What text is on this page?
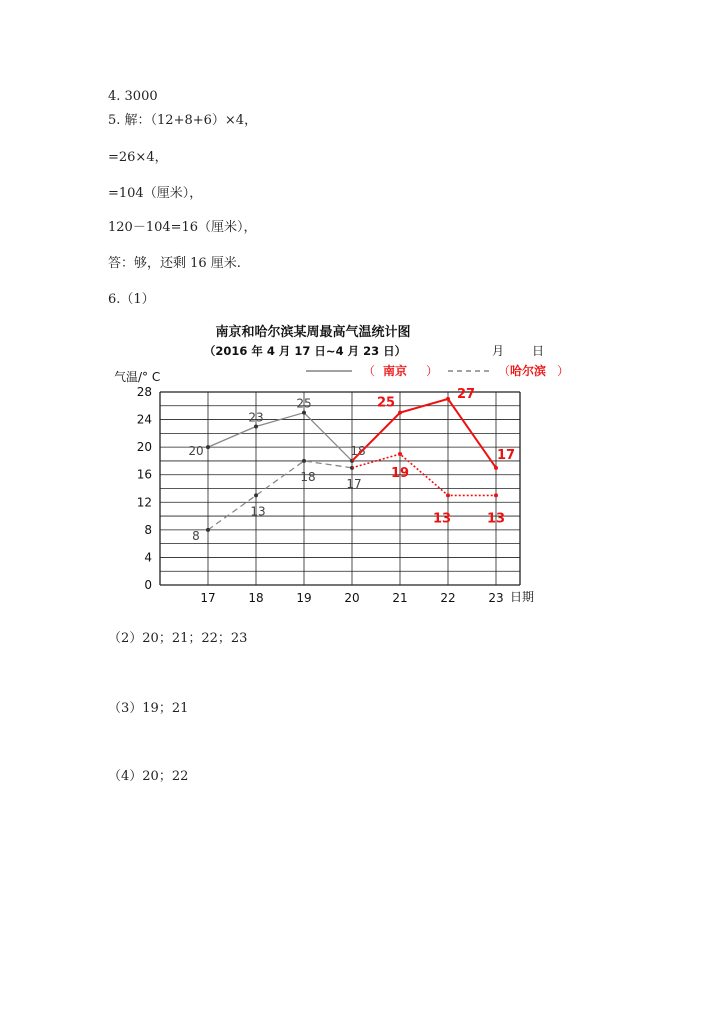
4. 3000
5. 解：（12+8+6）×4，
=26×4，
=104（厘米），
120－104=16（厘米），
答：够，还剩 16 厘米.
6.（1）
南京和哈尔滨某周最高气温统计图
（2016 年 4 月 17 日~4 月 23 日）	月 日
（ 南京 ）	（ 哈尔滨 ）
气温/° C
日期
0
4
8
12
16
20
24
28
17	18	19	20	21	22	23
20
23
25
18
8
13
18	17
25
27
17
19
13	13
（2）20；21；22；23
（3）19；21
（4）20；22
